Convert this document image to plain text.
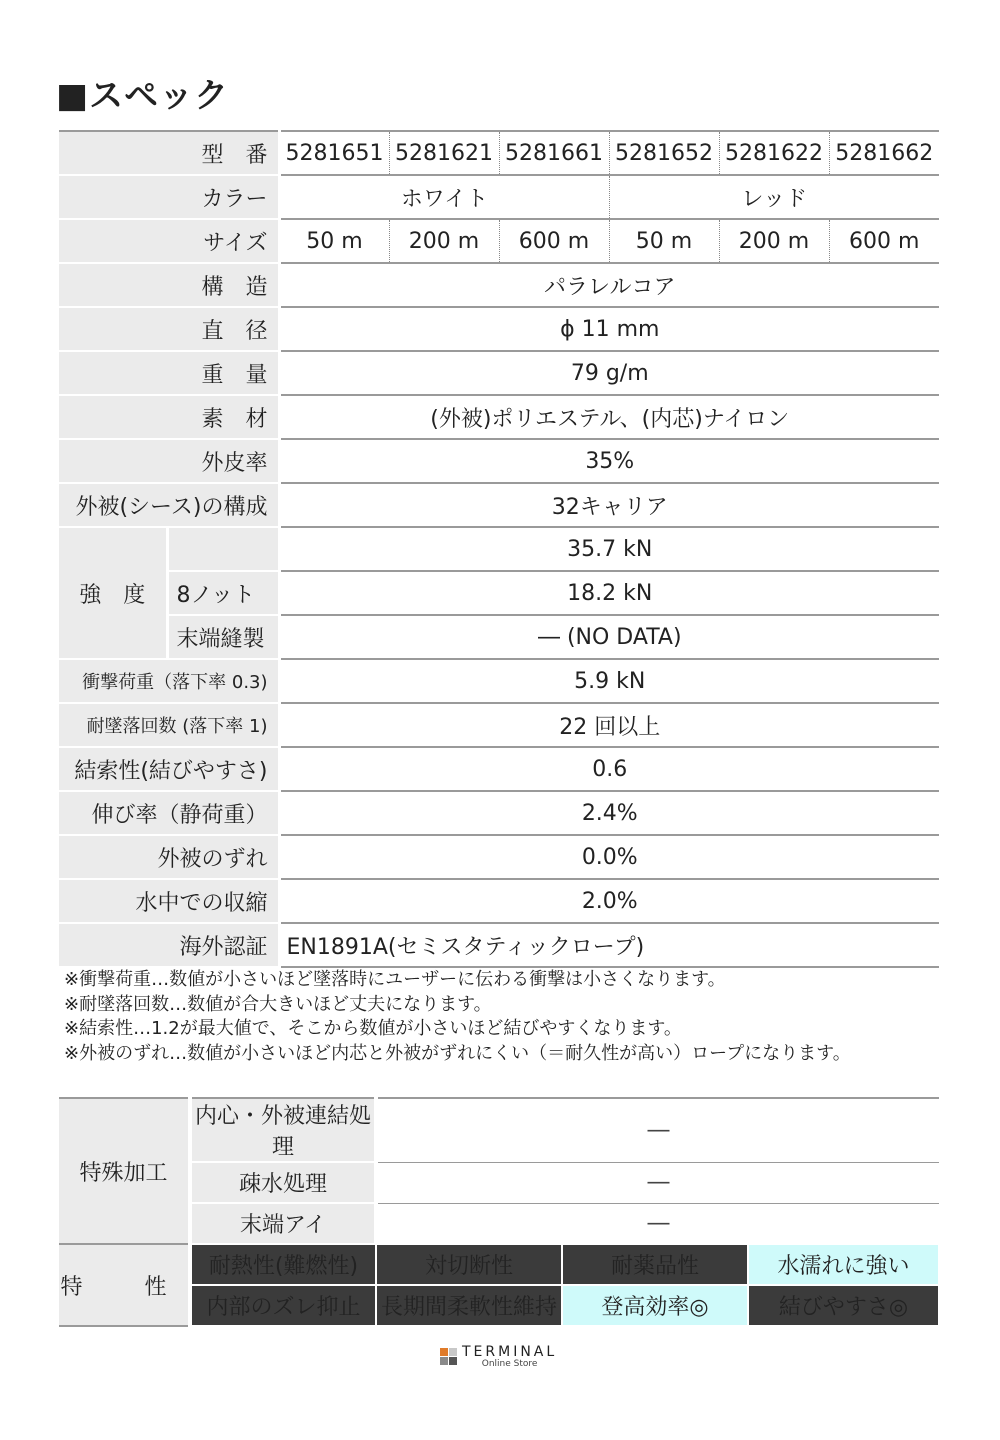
■スペック
型　番		5281651	5281621	5281661	5281652	5281622	5281662
カラー		ホワイト			レッド		
サイズ		50 m	200 m	600 m	50 m	200 m	600 m
構　造		パラレルコア					
直　径		ϕ 11 mm					
重　量		79 g/m					
素　材		(外被)ポリエステル、(内芯)ナイロン					
外皮率		35%					
外被(シース)の構成		32キャリア					
強　度		35.7 kN					
	8ノット	18.2 kN					
	末端縫製	― (NO DATA)					
衝撃荷重（落下率 0.3)		5.9 kN					
耐墜落回数 (落下率 1)		22 回以上					
結索性(結びやすさ)		0.6					
伸び率（静荷重）		2.4%					
外被のずれ		0.0%					
水中での収縮		2.0%					
海外認証		EN1891A(セミスタティックロープ)					
※衝撃荷重…数値が小さいほど墜落時にユーザーに伝わる衝撃は小さくなります。
※耐墜落回数…数値が合大きいほど丈夫になります。
※結索性…1.2が最大値で、そこから数値が小さいほど結びやすくなります。
※外被のずれ…数値が小さいほど内芯と外被がずれにくい（＝耐久性が高い）ロープになります。
特殊加工	内心・外被連結処理	―		
	疎水処理	―		
	末端アイ	―		
特　性	耐熱性(難燃性)	対切断性	耐薬品性	水濡れに強い
	内部のズレ抑止	長期間柔軟性維持	登高効率◎	結びやすさ◎
TERMINAL
Online Store
